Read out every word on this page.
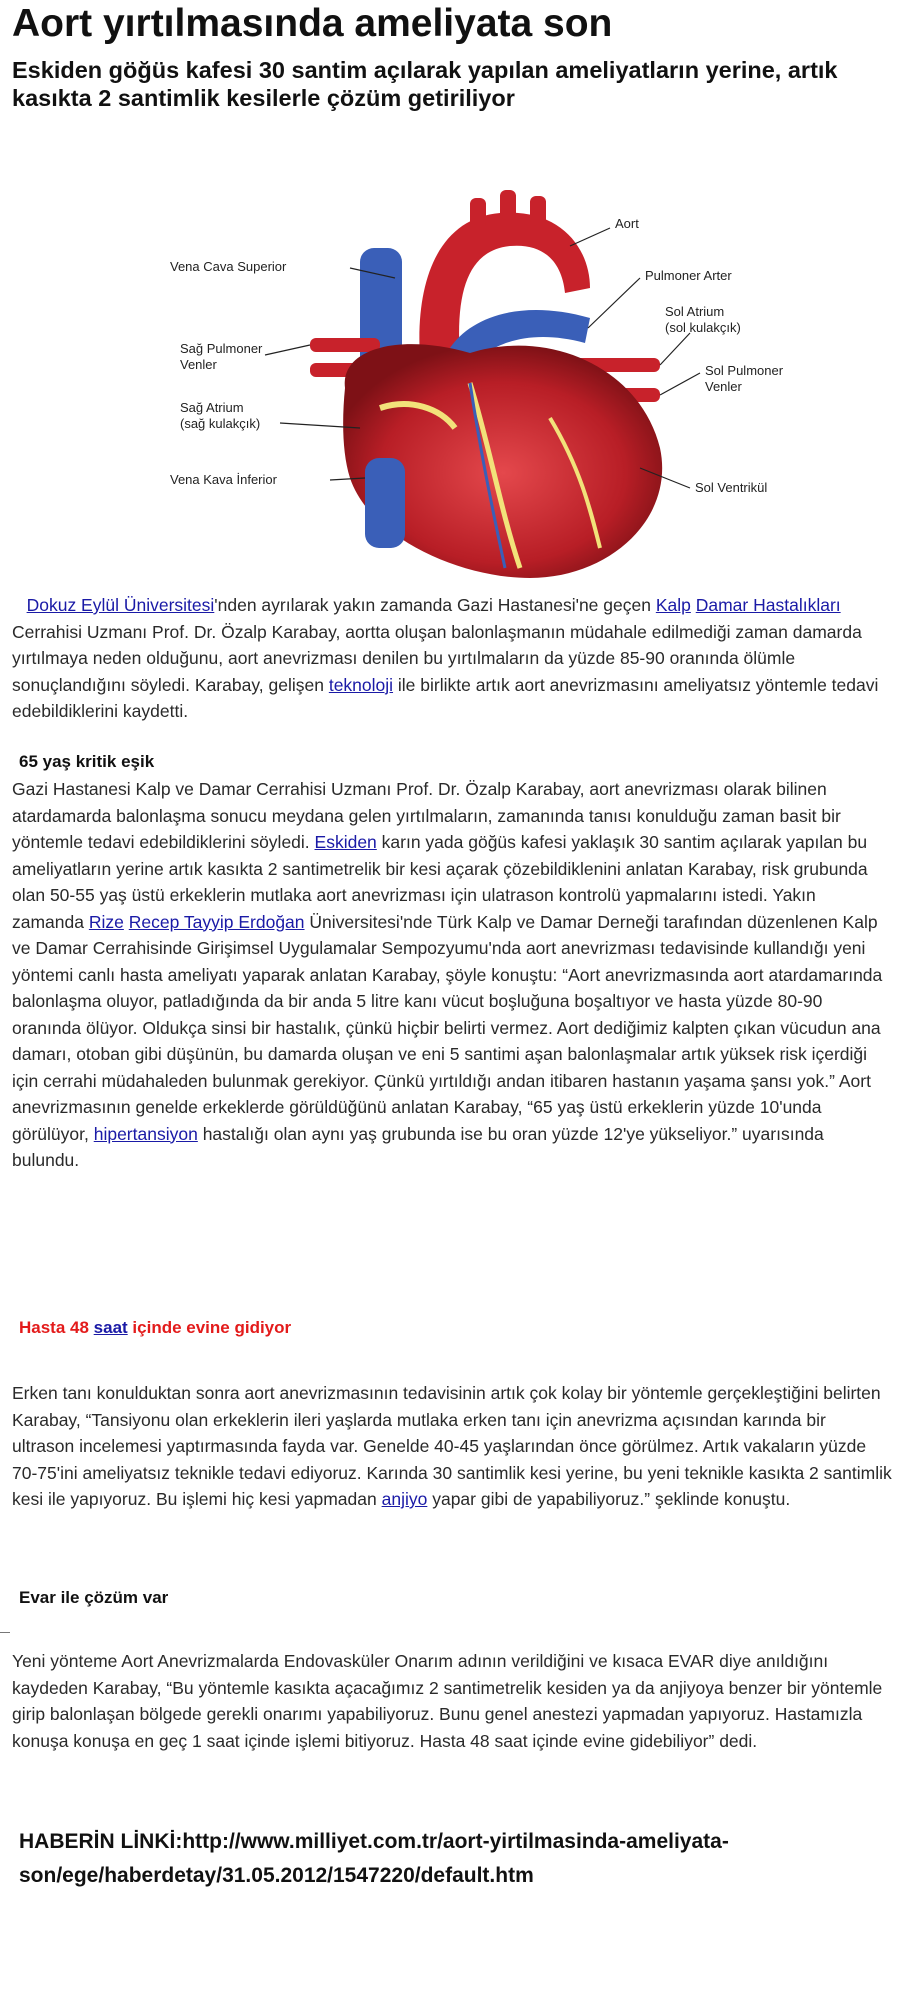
Aort yırtılmasında ameliyata son
Eskiden göğüs kafesi 30 santim açılarak yapılan ameliyatların yerine, artık kasıkta 2 santimlik kesilerle çözüm getiriliyor
Aort
Vena Cava Superior
Pulmoner Arter
Sol Atrium
(sol kulakçık)
Sağ Pulmoner
Venler	Sol Pulmoner
Venler
Sağ Atrium
(sağ kulakçık)
Vena Kava İnferior
Sol Ventrikül
Dokuz Eylül Üniversitesi'nden ayrılarak yakın zamanda Gazi Hastanesi'ne geçen Kalp Damar Hastalıkları Cerrahisi Uzmanı Prof. Dr. Özalp Karabay, aortta oluşan balonlaşmanın müdahale edilmediği zaman damarda yırtılmaya neden olduğunu, aort anevrizması denilen bu yırtılmaların da yüzde 85-90 oranında ölümle sonuçlandığını söyledi. Karabay, gelişen teknoloji ile birlikte artık aort anevrizmasını ameliyatsız yöntemle tedavi edebildiklerini kaydetti.
65 yaş kritik eşik
Gazi Hastanesi Kalp ve Damar Cerrahisi Uzmanı Prof. Dr. Özalp Karabay, aort anevrizması olarak bilinen atardamarda balonlaşma sonucu meydana gelen yırtılmaların, zamanında tanısı konulduğu zaman basit bir yöntemle tedavi edebildiklerini söyledi. Eskiden karın yada göğüs kafesi yaklaşık 30 santim açılarak yapılan bu ameliyatların yerine artık kasıkta 2 santimetrelik bir kesi açarak çözebildiklenini anlatan Karabay, risk grubunda olan 50-55 yaş üstü erkeklerin mutlaka aort anevrizması için ulatrason kontrolü yapmalarını istedi. Yakın zamanda Rize Recep Tayyip Erdoğan Üniversitesi'nde Türk Kalp ve Damar Derneği tarafından düzenlenen Kalp ve Damar Cerrahisinde Girişimsel Uygulamalar Sempozyumu'nda aort anevrizması tedavisinde kullandığı yeni yöntemi canlı hasta ameliyatı yaparak anlatan Karabay, şöyle konuştu: “Aort anevrizmasında aort atardamarında balonlaşma oluyor, patladığında da bir anda 5 litre kanı vücut boşluğuna boşaltıyor ve hasta yüzde 80-90 oranında ölüyor. Oldukça sinsi bir hastalık, çünkü hiçbir belirti vermez. Aort dediğimiz kalpten çıkan vücudun ana damarı, otoban gibi düşünün, bu damarda oluşan ve eni 5 santimi aşan balonlaşmalar artık yüksek risk içerdiği için cerrahi müdahaleden bulunmak gerekiyor. Çünkü yırtıldığı andan itibaren hastanın yaşama şansı yok.” Aort anevrizmasının genelde erkeklerde görüldüğünü anlatan Karabay, “65 yaş üstü erkeklerin yüzde 10'unda görülüyor, hipertansiyon hastalığı olan aynı yaş grubunda ise bu oran yüzde 12'ye yükseliyor.” uyarısında bulundu.
Hasta 48 saat içinde evine gidiyor
Erken tanı konulduktan sonra aort anevrizmasının tedavisinin artık çok kolay bir yöntemle gerçekleştiğini belirten Karabay, “Tansiyonu olan erkeklerin ileri yaşlarda mutlaka erken tanı için anevrizma açısından karında bir ultrason incelemesi yaptırmasında fayda var. Genelde 40-45 yaşlarından önce görülmez. Artık vakaların yüzde 70-75'ini ameliyatsız teknikle tedavi ediyoruz. Karında 30 santimlik kesi yerine, bu yeni teknikle kasıkta 2 santimlik kesi ile yapıyoruz. Bu işlemi hiç kesi yapmadan anjiyo yapar gibi de yapabiliyoruz.” şeklinde konuştu.
Evar ile çözüm var
Yeni yönteme Aort Anevrizmalarda Endovasküler Onarım adının verildiğini ve kısaca EVAR diye anıldığını kaydeden Karabay, “Bu yöntemle kasıkta açacağımız 2 santimetrelik kesiden ya da anjiyoya benzer bir yöntemle girip balonlaşan bölgede gerekli onarımı yapabiliyoruz. Bunu genel anestezi yapmadan yapıyoruz. Hastamızla konuşa konuşa en geç 1 saat içinde işlemi bitiyoruz. Hasta 48 saat içinde evine gidebiliyor” dedi.
HABERİN LİNKİ:http://www.milliyet.com.tr/aort-yirtilmasinda-ameliyata-son/ege/haberdetay/31.05.2012/1547220/default.htm
